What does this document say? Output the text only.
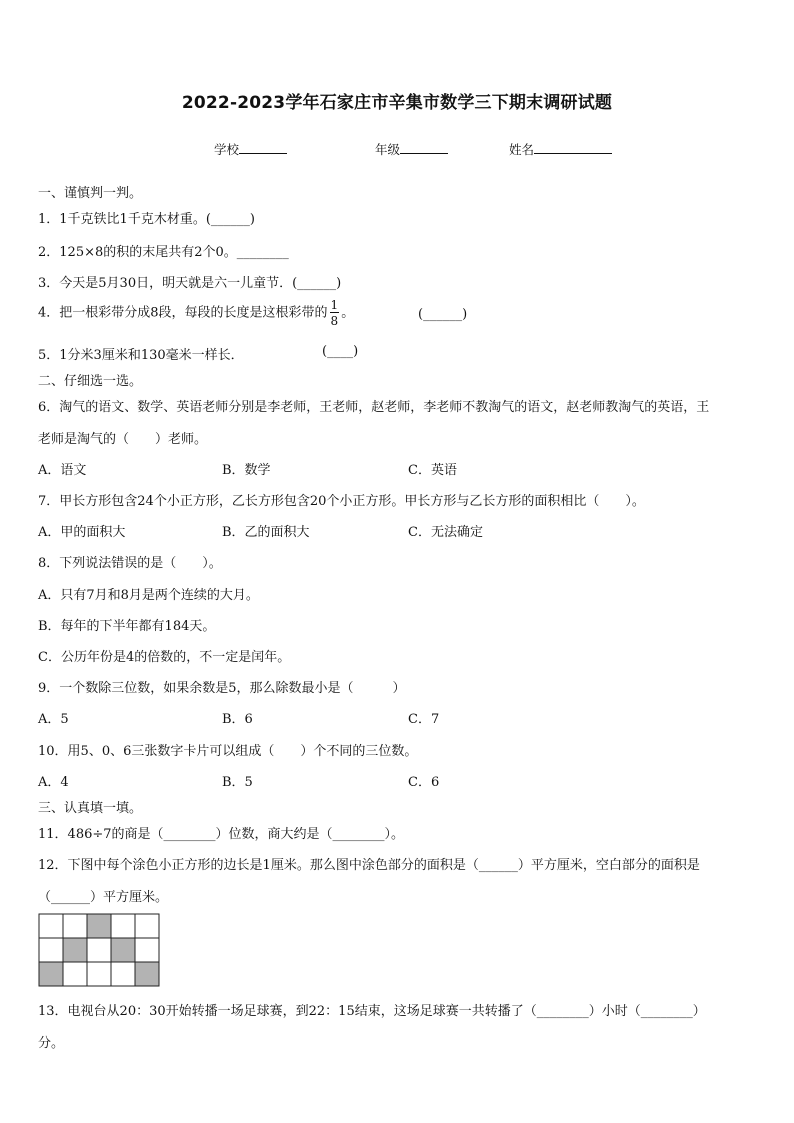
2022-2023学年石家庄市辛集市数学三下期末调研试题
学校	年级	姓名
一、谨慎判一判。
1．1千克铁比1千克木材重。(______)
2．125×8的积的末尾共有2个0。________
3．今天是5月30日，明天就是六一儿童节．(______)
4．把一根彩带分成8段，每段的长度是这根彩带的 $\frac{1}{8}$ 。	(______)
5．1分米3厘米和130毫米一样长．	(____)
二、仔细选一选。
6．淘气的语文、数学、英语老师分别是李老师，王老师，赵老师，李老师不教淘气的语文，赵老师教淘气的英语，王
老师是淘气的（　　）老师。
A．语文	B．数学	C．英语
7．甲长方形包含24个小正方形，乙长方形包含20个小正方形。甲长方形与乙长方形的面积相比（　　）。
A．甲的面积大	B．乙的面积大	C．无法确定
8．下列说法错误的是（　　）。
A．只有7月和8月是两个连续的大月。
B．每年的下半年都有184天。
C．公历年份是4的倍数的，不一定是闰年。
9．一个数除三位数，如果余数是5，那么除数最小是（　　　）
A．5	B．6	C．7
10．用5、0、6三张数字卡片可以组成（　　）个不同的三位数。
A．4	B．5	C．6
三、认真填一填。
11．486÷7的商是（________）位数，商大约是（________）。
12．下图中每个涂色小正方形的边长是1厘米。那么图中涂色部分的面积是（______）平方厘米，空白部分的面积是
（______）平方厘米。
13．电视台从20：30开始转播一场足球赛，到22：15结束，这场足球赛一共转播了（________）小时（________）
分。
